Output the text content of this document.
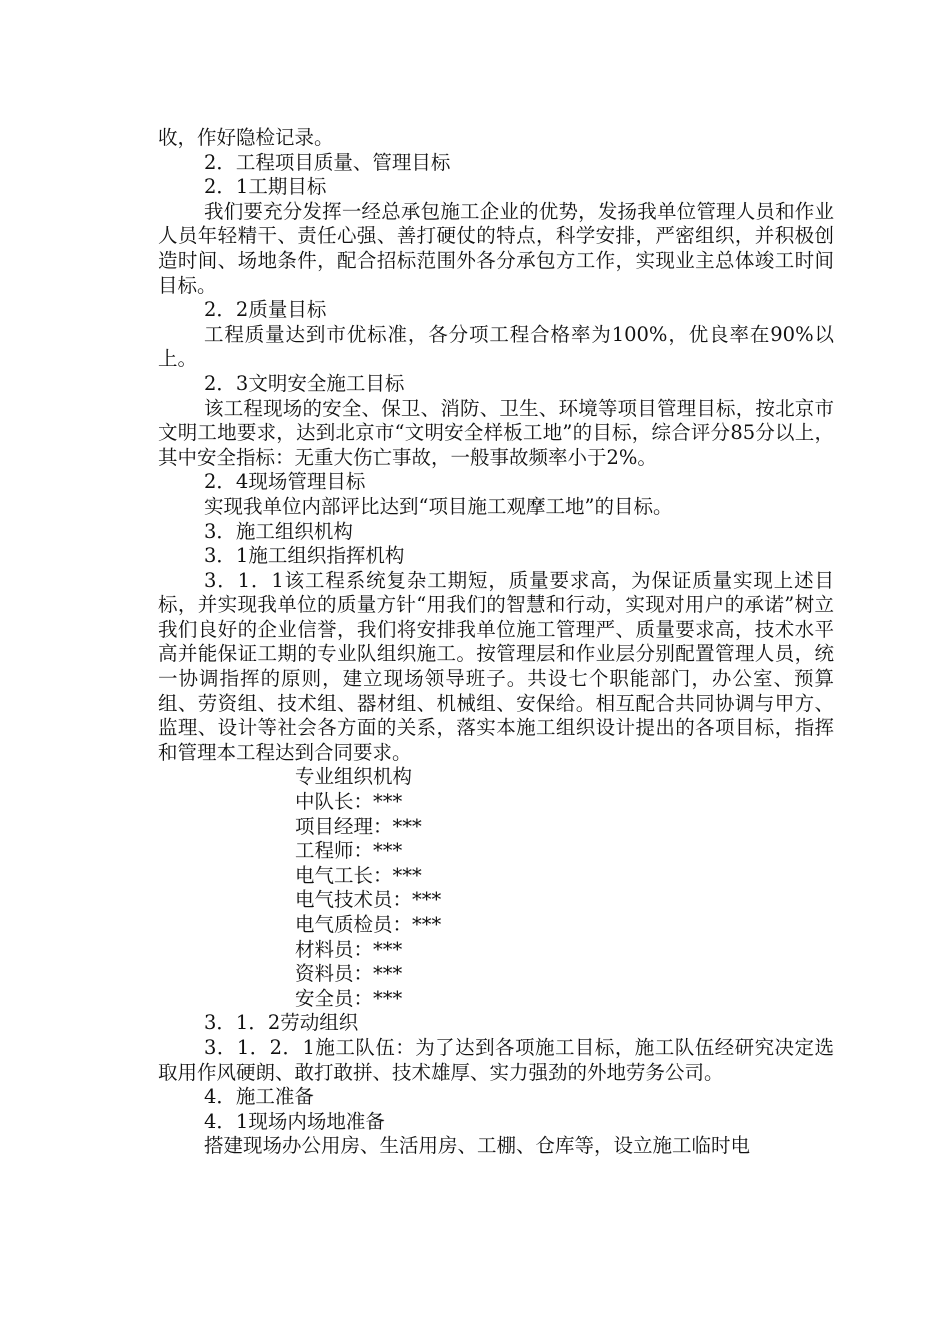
收，作好隐检记录。

2．工程项目质量、管理目标

2．1工期目标

我们要充分发挥一经总承包施工企业的优势，发扬我单位管理人员和作业人员年轻精干、责任心强、善打硬仗的特点，科学安排，严密组织，并积极创造时间、场地条件，配合招标范围外各分承包方工作，实现业主总体竣工时间目标。

2．2质量目标

工程质量达到市优标准，各分项工程合格率为100%，优良率在90%以上。

2．3文明安全施工目标

该工程现场的安全、保卫、消防、卫生、环境等项目管理目标，按北京市文明工地要求，达到北京市“文明安全样板工地”的目标，综合评分85分以上，其中安全指标：无重大伤亡事故，一般事故频率小于2%。

2．4现场管理目标

实现我单位内部评比达到“项目施工观摩工地”的目标。

3．施工组织机构

3．1施工组织指挥机构

3．1．1该工程系统复杂工期短，质量要求高，为保证质量实现上述目标，并实现我单位的质量方针“用我们的智慧和行动，实现对用户的承诺”树立我们良好的企业信誉，我们将安排我单位施工管理严、质量要求高，技术水平高并能保证工期的专业队组织施工。按管理层和作业层分别配置管理人员，统一协调指挥的原则，建立现场领导班子。共设七个职能部门，办公室、预算组、劳资组、技术组、器材组、机械组、安保给。相互配合共同协调与甲方、监理、设计等社会各方面的关系，落实本施工组织设计提出的各项目标，指挥和管理本工程达到合同要求。

专业组织机构

中队长：***

项目经理：***

工程师：***

电气工长：***

电气技术员：***

电气质检员：***

材料员：***

资料员：***

安全员：***

3．1．2劳动组织

3．1．2．1施工队伍：为了达到各项施工目标，施工队伍经研究决定选取用作风硬朗、敢打敢拼、技术雄厚、实力强劲的外地劳务公司。

4．施工准备

4．1现场内场地准备

搭建现场办公用房、生活用房、工棚、仓库等，设立施工临时电
